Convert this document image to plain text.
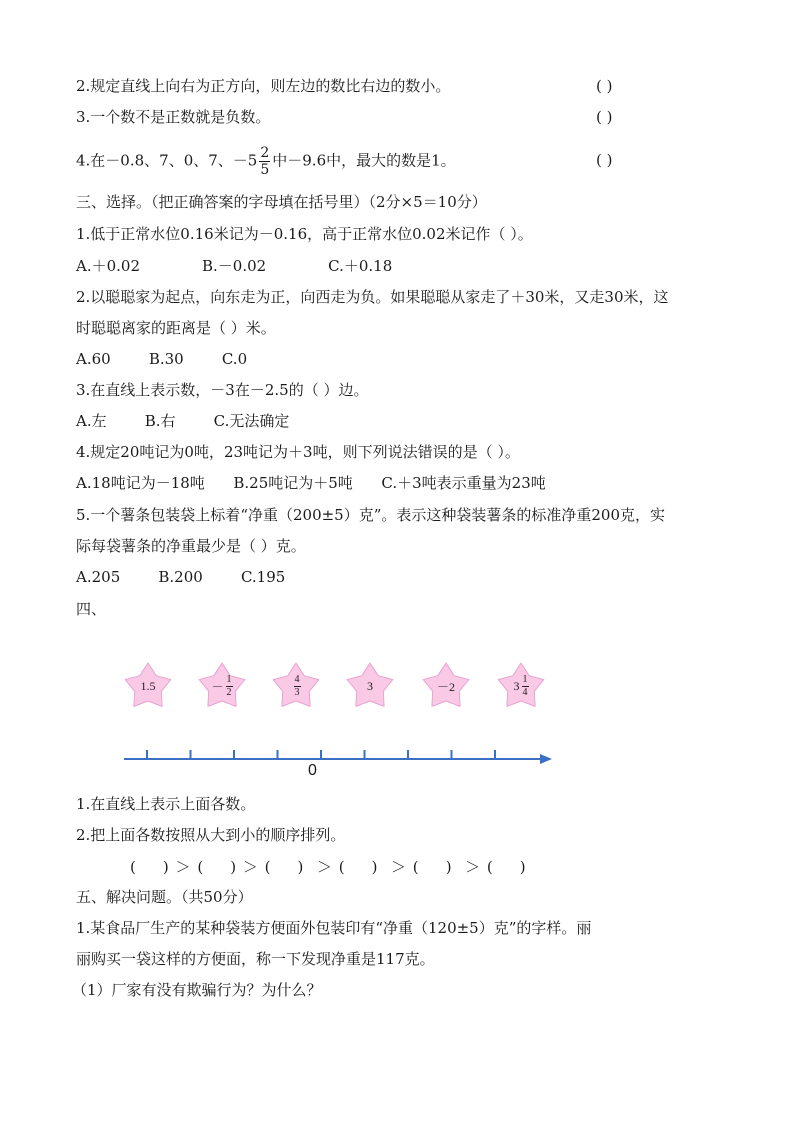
2.规定直线上向右为正方向，则左边的数比右边的数小。	( )
3.一个数不是正数就是负数。	( )
4.在－0.8、7、0、7、$-5 \frac{2}{5}$ 中－9.6中，最大的数是1。	( )
三、选择。（把正确答案的字母填在括号里）（2分×5＝10分）
1.低于正常水位0.16米记为－0.16，高于正常水位0.02米记作（ ）。
A.＋0.02             B.－0.02             C.＋0.18
2.以聪聪家为起点，向东走为正，向西走为负。如果聪聪从家走了＋30米，又走30米，这
时聪聪离家的距离是（ ）米。
A.60        B.30        C.0
3.在直线上表示数，－3在－2.5的（ ）边。
A.左        B.右        C.无法确定
4.规定20吨记为0吨，23吨记为＋3吨，则下列说法错误的是（ ）。
A.18吨记为－18吨      B.25吨记为＋5吨      C.＋3吨表示重量为23吨
5.一个薯条包装袋上标着“净重（200±5）克”。表示这种袋装薯条的标准净重200克，实
际每袋薯条的净重最少是（ ）克。
A.205        B.200        C.195
四、
1.5	－
1
2
4
3	3	－2	3 1
4
0
1.在直线上表示上面各数。
2.把上面各数按照从大到小的顺序排列。
(    ) ＞ (    ) ＞ (    )  ＞ (    )  ＞ (    )  ＞ (    )
五、解决问题。（共50分）
1.某食品厂生产的某种袋装方便面外包装印有“净重（120±5）克”的字样。丽
丽购买一袋这样的方便面，称一下发现净重是117克。
（1）厂家有没有欺骗行为？为什么？
